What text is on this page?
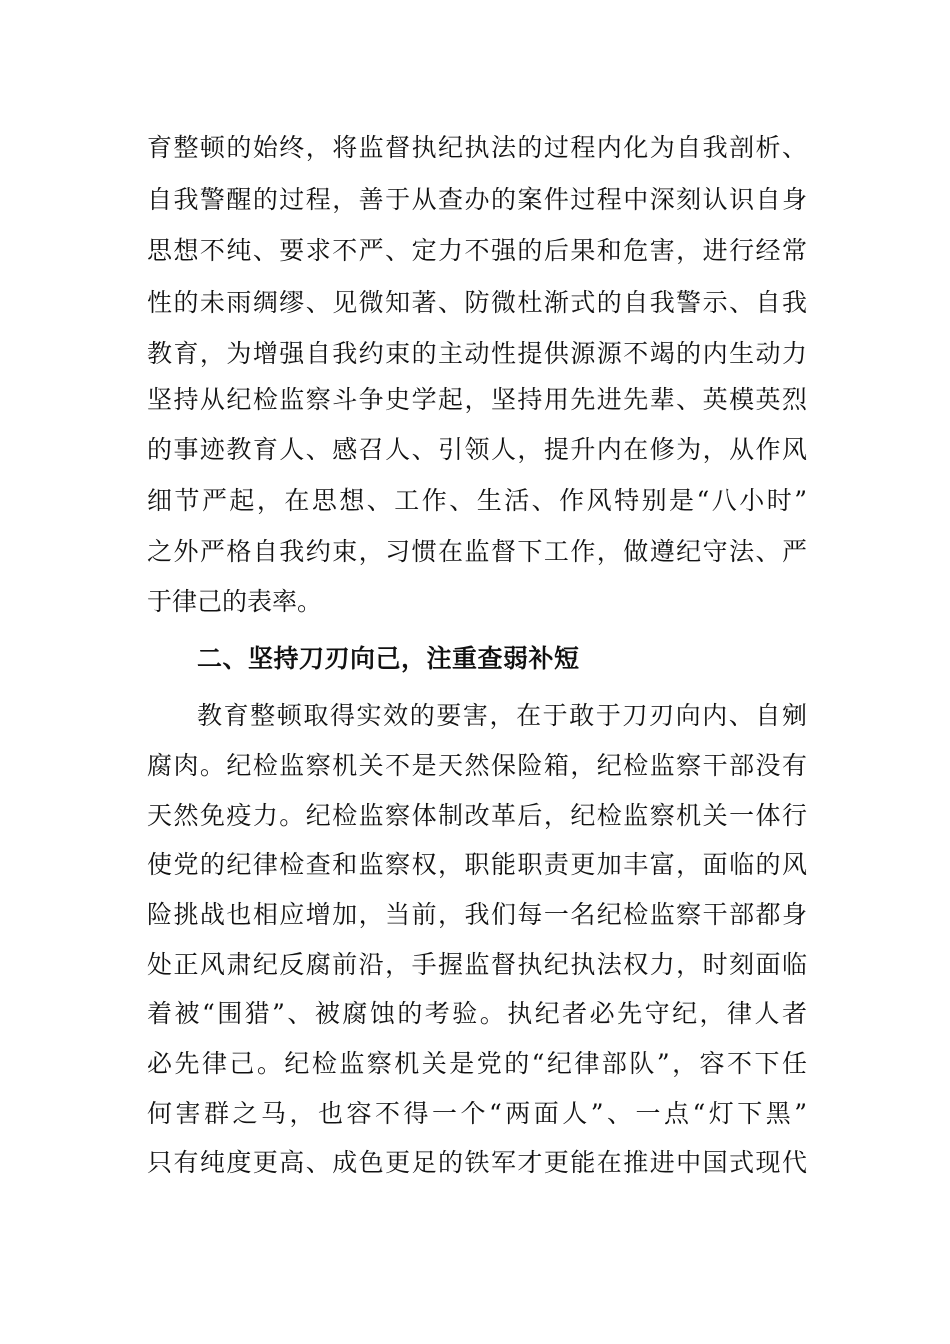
育整顿的始终，将监督执纪执法的过程内化为自我剖析、
自我警醒的过程，善于从查办的案件过程中深刻认识自身
思想不纯、要求不严、定力不强的后果和危害，进行经常
性的未雨绸缪、见微知著、防微杜渐式的自我警示、自我
教育，为增强自我约束的主动性提供源源不竭的内生动力
坚持从纪检监察斗争史学起，坚持用先进先辈、英模英烈
的事迹教育人、感召人、引领人，提升内在修为，从作风
细节严起，在思想、工作、生活、作风特别是“八小时”
之外严格自我约束，习惯在监督下工作，做遵纪守法、严
于律己的表率。
二、坚持刀刃向己，注重查弱补短
教育整顿取得实效的要害，在于敢于刀刃向内、自剜
腐肉。纪检监察机关不是天然保险箱，纪检监察干部没有
天然免疫力。纪检监察体制改革后，纪检监察机关一体行
使党的纪律检查和监察权，职能职责更加丰富，面临的风
险挑战也相应增加，当前，我们每一名纪检监察干部都身
处正风肃纪反腐前沿，手握监督执纪执法权力，时刻面临
着被“围猎”、被腐蚀的考验。执纪者必先守纪，律人者
必先律己。纪检监察机关是党的“纪律部队”，容不下任
何害群之马，也容不得一个“两面人”、一点“灯下黑”
只有纯度更高、成色更足的铁军才更能在推进中国式现代
